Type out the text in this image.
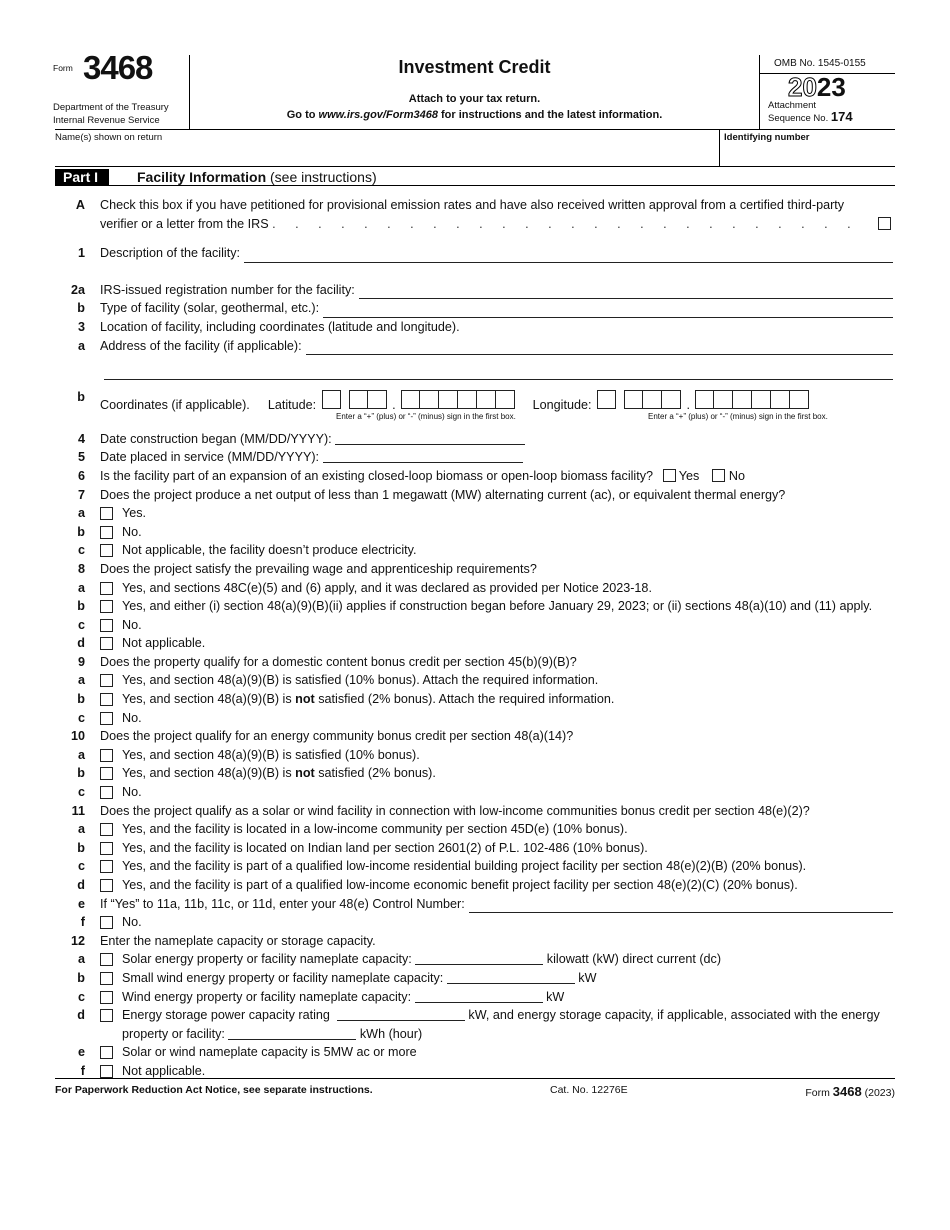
Form 3468
Department of the Treasury
Internal Revenue Service
Investment Credit
Attach to your tax return.
Go to www.irs.gov/Form3468 for instructions and the latest information.
OMB No. 1545-0155
2023
Attachment
Sequence No. 174
Name(s) shown on return	Identifying number
Part I	Facility Information (see instructions)
A Check this box if you have petitioned for provisional emission rates and have also received written approval from a certified third-party verifier or a letter from the IRS . . . . . . . . . . . . . . . . . . . . . . . . . .
1 Description of the facility:
2a IRS-issued registration number for the facility:
b Type of facility (solar, geothermal, etc.):
3 Location of facility, including coordinates (latitude and longitude).
a Address of the facility (if applicable):
b
Coordinates (if applicable). Latitude:	.
Enter a “+” (plus) or “-” (minus) sign in the first box.
Longitude:	.
Enter a “+” (plus) or “-” (minus) sign in the first box.
4 Date construction began (MM/DD/YYYY):
5 Date placed in service (MM/DD/YYYY):
6 Is the facility part of an expansion of an existing closed-loop biomass or open-loop biomass facility?  Yes   No
7 Does the project produce a net output of less than 1 megawatt (MW) alternating current (ac), or equivalent thermal energy?
a	Yes.
b	No.
c	Not applicable, the facility doesn’t produce electricity.
8 Does the project satisfy the prevailing wage and apprenticeship requirements?
a	Yes, and sections 48C(e)(5) and (6) apply, and it was declared as provided per Notice 2023-18.
b	Yes, and either (i) section 48(a)(9)(B)(ii) applies if construction began before January 29, 2023; or (ii) sections 48(a)(10) and (11) apply.
c	No.
d	Not applicable.
9 Does the property qualify for a domestic content bonus credit per section 45(b)(9)(B)?
a	Yes, and section 48(a)(9)(B) is satisfied (10% bonus). Attach the required information.
b	Yes, and section 48(a)(9)(B) is not satisfied (2% bonus). Attach the required information.
c	No.
10 Does the project qualify for an energy community bonus credit per section 48(a)(14)?
a	Yes, and section 48(a)(9)(B) is satisfied (10% bonus).
b	Yes, and section 48(a)(9)(B) is not satisfied (2% bonus).
c	No.
11 Does the project qualify as a solar or wind facility in connection with low-income communities bonus credit per section 48(e)(2)?
a	Yes, and the facility is located in a low-income community per section 45D(e) (10% bonus).
b	Yes, and the facility is located on Indian land per section 2601(2) of P.L. 102-486 (10% bonus).
c	Yes, and the facility is part of a qualified low-income residential building project facility per section 48(e)(2)(B) (20% bonus).
d	Yes, and the facility is part of a qualified low-income economic benefit project facility per section 48(e)(2)(C) (20% bonus).
e If “Yes” to 11a, 11b, 11c, or 11d, enter your 48(e) Control Number:
f	No.
12 Enter the nameplate capacity or storage capacity.
a	Solar energy property or facility nameplate capacity:	kilowatt (kW) direct current (dc)
b	Small wind energy property or facility nameplate capacity:	kW
c	Wind energy property or facility nameplate capacity:	kW
d	Energy storage power capacity rating	kW, and energy storage capacity, if applicable, associated with the energy property or facility:	kWh (hour)
e	Solar or wind nameplate capacity is 5MW ac or more
f	Not applicable.
For Paperwork Reduction Act Notice, see separate instructions.	Cat. No. 12276E	Form 3468 (2023)
